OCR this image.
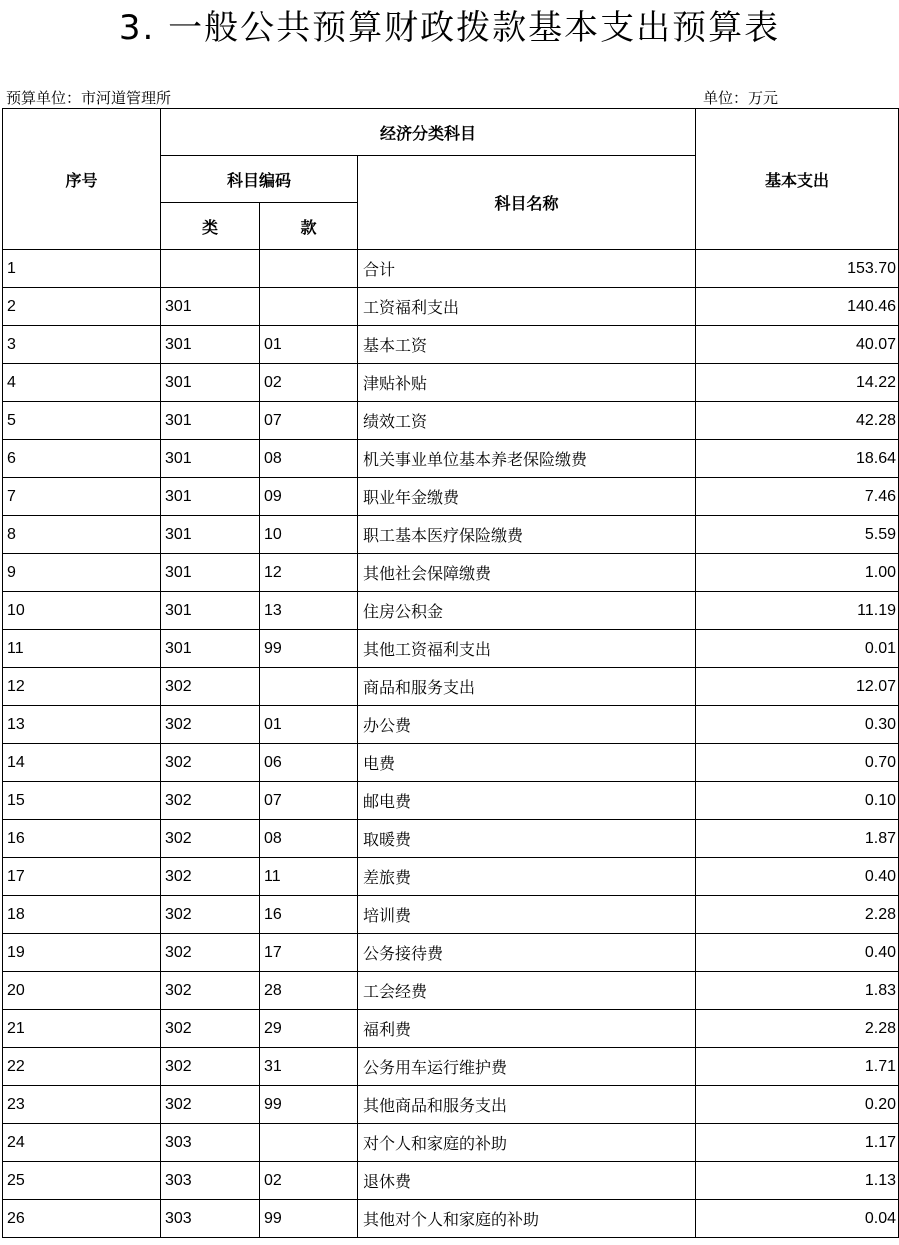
3. 一般公共预算财政拨款基本支出预算表
预算单位：市河道管理所	单位：万元
序号	经济分类科目			基本支出
	科目编码		科目名称	
	类	款		
1			合计	153.70
2	301		工资福利支出	140.46
3	301	01	基本工资	40.07
4	301	02	津贴补贴	14.22
5	301	07	绩效工资	42.28
6	301	08	机关事业单位基本养老保险缴费	18.64
7	301	09	职业年金缴费	7.46
8	301	10	职工基本医疗保险缴费	5.59
9	301	12	其他社会保障缴费	1.00
10	301	13	住房公积金	11.19
11	301	99	其他工资福利支出	0.01
12	302		商品和服务支出	12.07
13	302	01	办公费	0.30
14	302	06	电费	0.70
15	302	07	邮电费	0.10
16	302	08	取暖费	1.87
17	302	11	差旅费	0.40
18	302	16	培训费	2.28
19	302	17	公务接待费	0.40
20	302	28	工会经费	1.83
21	302	29	福利费	2.28
22	302	31	公务用车运行维护费	1.71
23	302	99	其他商品和服务支出	0.20
24	303		对个人和家庭的补助	1.17
25	303	02	退休费	1.13
26	303	99	其他对个人和家庭的补助	0.04
